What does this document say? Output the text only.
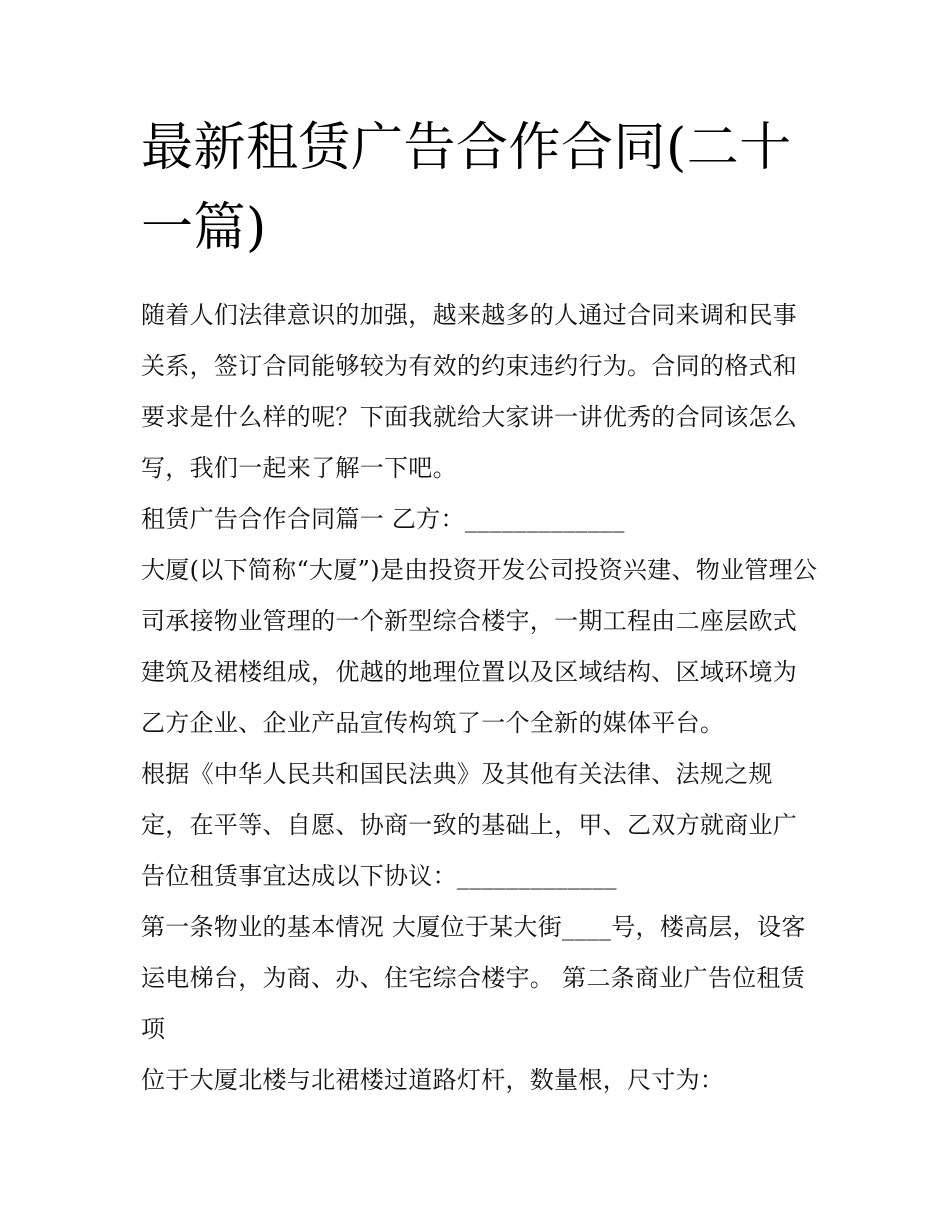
最新租赁广告合作合同(二十一篇)

随着人们法律意识的加强，越来越多的人通过合同来调和民事关系，签订合同能够较为有效的约束违约行为。合同的格式和要求是什么样的呢？下面我就给大家讲一讲优秀的合同该怎么写，我们一起来了解一下吧。

租赁广告合作合同篇一 乙方：_____________

大厦(以下简称“大厦”)是由投资开发公司投资兴建、物业管理公司承接物业管理的一个新型综合楼宇，一期工程由二座层欧式建筑及裙楼组成，优越的地理位置以及区域结构、区域环境为乙方企业、企业产品宣传构筑了一个全新的媒体平台。

根据《中华人民共和国民法典》及其他有关法律、法规之规定，在平等、自愿、协商一致的基础上，甲、乙双方就商业广告位租赁事宜达成以下协议：_____________

第一条物业的基本情况 大厦位于某大街____号，楼高层，设客运电梯台，为商、办、住宅综合楼宇。 第二条商业广告位租赁项

位于大厦北楼与北裙楼过道路灯杆，数量根，尺寸为：
